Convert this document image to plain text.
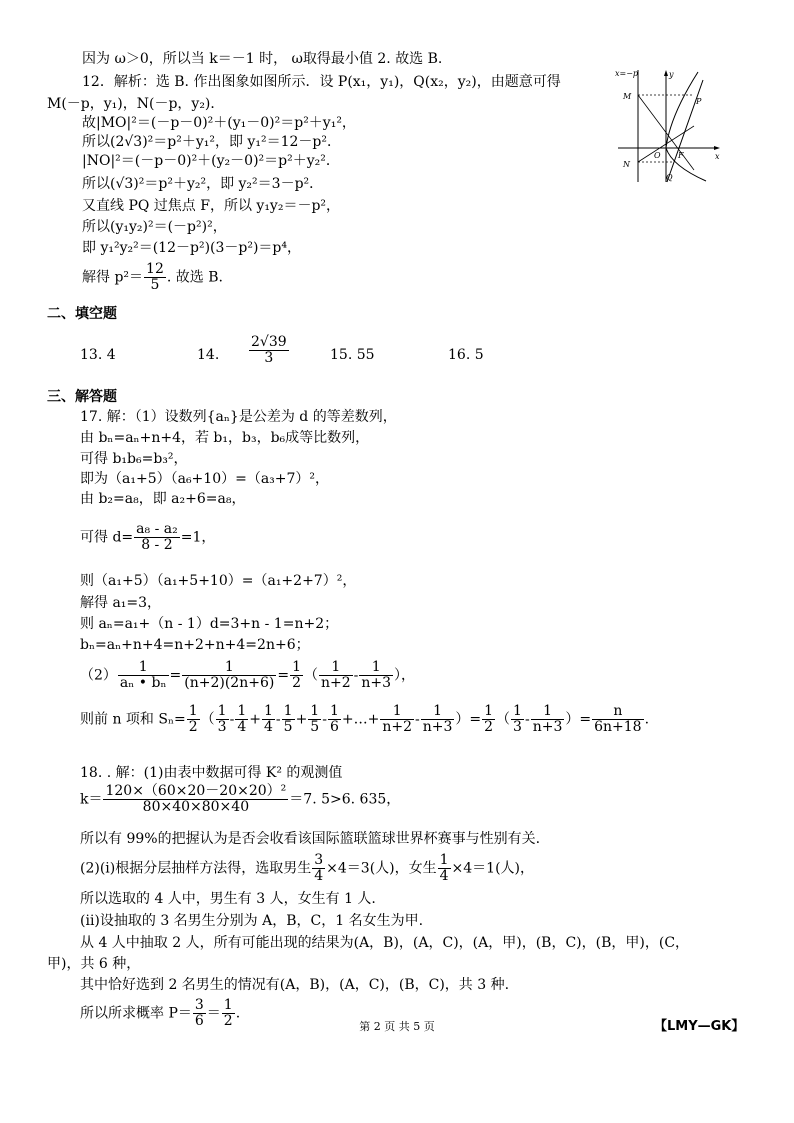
因为 ω＞0，所以当 k＝－1 时， ω取得最小值 2. 故选 B.
12．解析：选 B. 作出图象如图所示．设 P(x₁，y₁)，Q(x₂，y₂)，由题意可得
M(－p，y₁)，N(－p，y₂)．
故|MO|²＝(－p－0)²＋(y₁－0)²＝p²＋y₁²，
所以(2√3)²＝p²＋y₁²，即 y₁²＝12－p²．
|NO|²＝(－p－0)²＋(y₂－0)²＝p²＋y₂²．
所以(√3)²＝p²＋y₂²，即 y₂²＝3－p²．
又直线 PQ 过焦点 F，所以 y₁y₂＝－p²，
所以(y₁y₂)²＝(－p²)²，
即 y₁²y₂²＝(12－p²)(3－p²)＝p⁴，
解得 $p^2= \frac{12}{5}$ . 故选 B.
x=−p	y
x
M
P
O F
N
Q
二、填空题
13. 4	14. $\frac{2√39}{3}$	15. 55	16. 5
三、解答题
17. 解：（1）设数列{aₙ}是公差为 d 的等差数列，
由 bₙ=aₙ+n+4，若 b₁，b₃，b₆成等比数列，
可得 b₁b₆=b₃²，
即为（a₁+5）（a₆+10）=（a₃+7）²，
由 b₂=a₈，即 a₂+6=a₈，
可得 $d= \frac{\text{a₈ - a₂}}{8 - 2} =1$，
则（a₁+5）（a₁+5+10）=（a₁+2+7）²，
解得 a₁=3，
则 aₙ=a₁+（n - 1）d=3+n - 1=n+2；
bₙ=aₙ+n+4=n+2+n+4=2n+6；
$(2) \frac{1}{\text{aₙ • bₙ}} = \frac{1}{(n+2)(2n+6)} = \frac{1}{2}$ （ $\frac{1}{n+2} - \frac{1}{n+3}$ ），
则前 n 项和 $S_n= \frac{1}{2}$ （ $\frac{1}{3} - \frac{1}{4} + \frac{1}{4} - \frac{1}{5} + \frac{1}{5} - \frac{1}{6}$ +…+ $\frac{1}{n+2} - \frac{1}{n+3}$ ）= $\frac{1}{2}$ （ $\frac{1}{3} - \frac{1}{n+3}$ ）= $\frac{n}{6n+18}$ .
18. . 解：(1)由表中数据可得 K² 的观测值
$k= \frac{\text{120×（60×20－20×20）²}}{80\times 40\times 80\times 40} =7$. 5>6. 635，
所以有 99%的把握认为是否会收看该国际篮联篮球世界杯赛事与性别有关.
(2)(ⅰ)根据分层抽样方法得，选取男生 $\frac{3}{4} \times 4=3$(人)，女生 $\frac{1}{4} \times 4=1$(人)，
所以选取的 4 人中，男生有 3 人，女生有 1 人.
(ⅱ)设抽取的 3 名男生分别为 A，B，C，1 名女生为甲.
从 4 人中抽取 2 人，所有可能出现的结果为(A，B)，(A，C)，(A，甲)，(B，C)，(B，甲)，(C，
甲)，共 6 种，
其中恰好选到 2 名男生的情况有(A，B)，(A，C)，(B，C)，共 3 种.
所以所求概率 $P= \frac{3}{6} = \frac{1}{2}$ .
第 2 页 共 5 页	【LMY—GK】
